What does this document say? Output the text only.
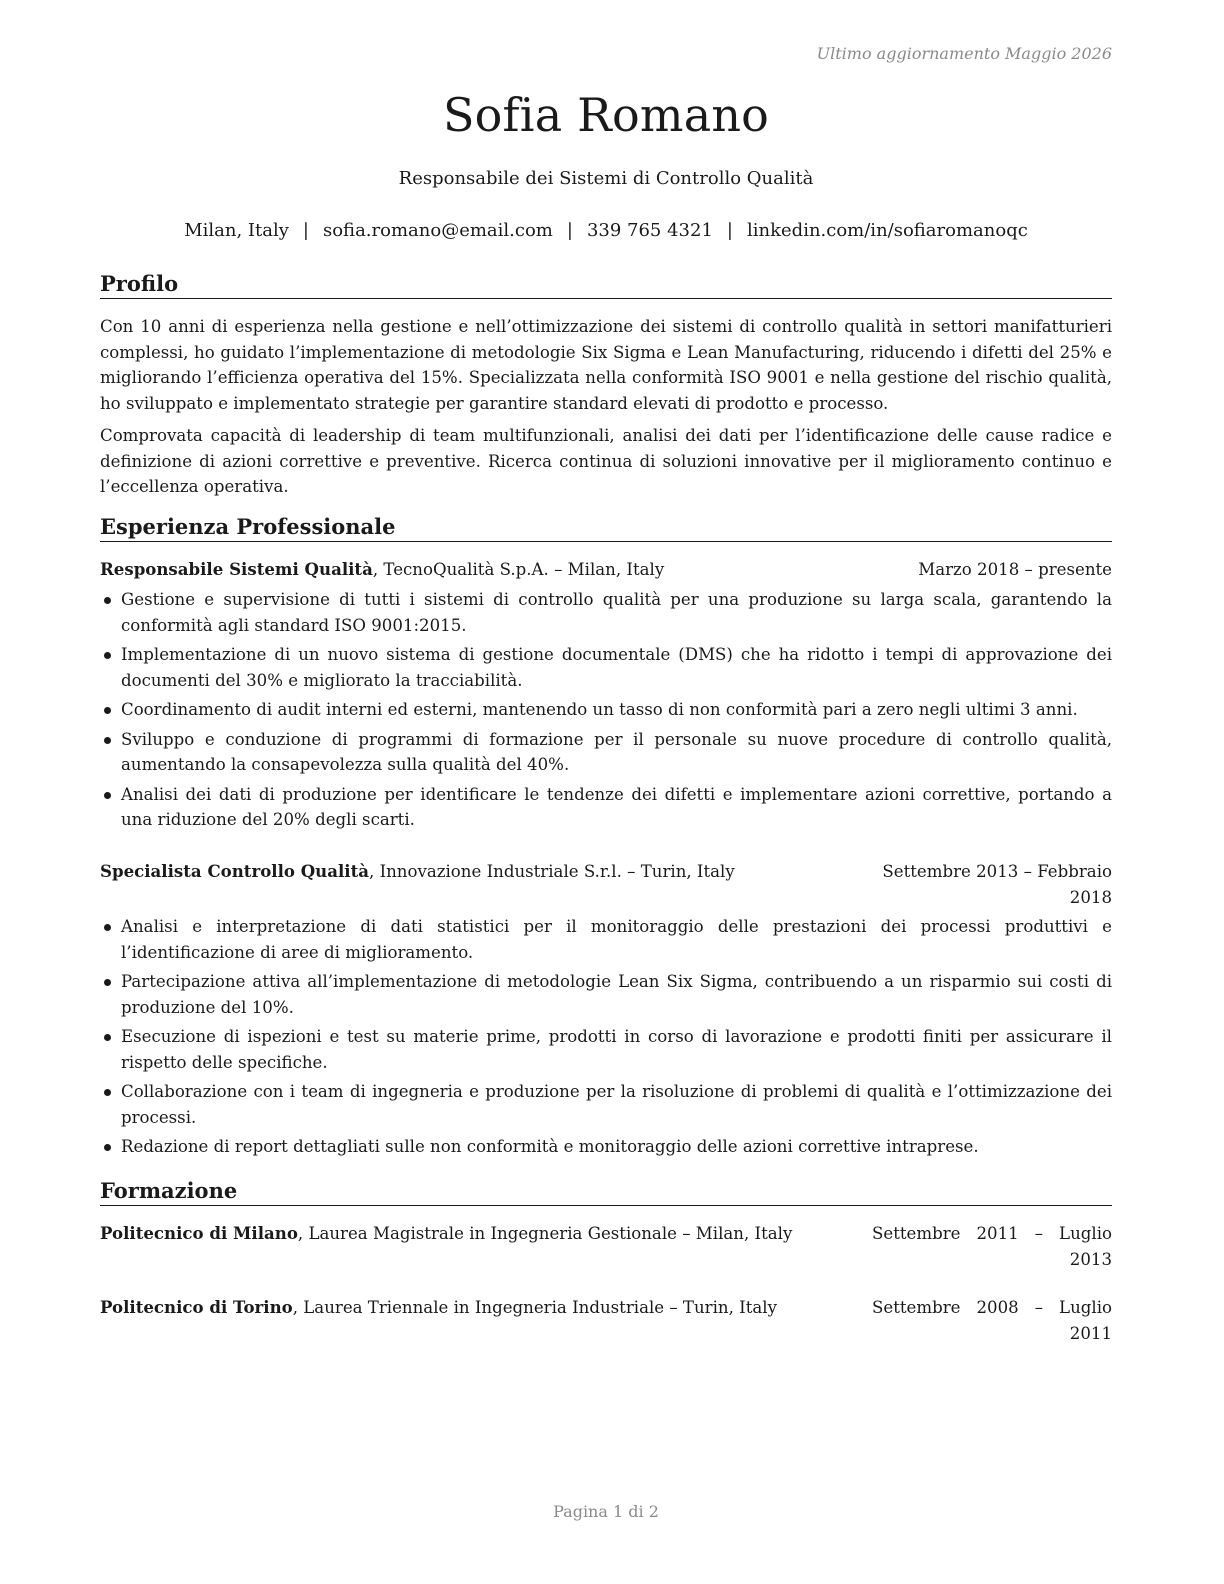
Ultimo aggiornamento Maggio 2026
Sofia Romano
Responsabile dei Sistemi di Controllo Qualità
Milan, Italy | sofia.romano@email.com | 339 765 4321 | linkedin.com/in/sofiaromanoqc
Profilo

Con 10 anni di esperienza nella gestione e nell’ottimizzazione dei sistemi di controllo qualità in settori manifatturieri complessi, ho guidato l’implementazione di metodologie Six Sigma e Lean Manufacturing, riducendo i difetti del 25% e migliorando l’efficienza operativa del 15%. Specializzata nella conformità ISO 9001 e nella gestione del rischio qualità, ho sviluppato e implementato strategie per garantire standard elevati di prodotto e processo.

Comprovata capacità di leadership di team multifunzionali, analisi dei dati per l’identificazione delle cause radice e definizione di azioni correttive e preventive. Ricerca continua di soluzioni innovative per il miglioramento continuo e l’eccellenza operativa.

Esperienza Professionale
Responsabile Sistemi Qualità, TecnoQualità S.p.A. – Milan, Italy	Marzo 2018 – presente
Gestione e supervisione di tutti i sistemi di controllo qualità per una produzione su larga scala, garantendo la conformità agli standard ISO 9001:2015.
Implementazione di un nuovo sistema di gestione documentale (DMS) che ha ridotto i tempi di approvazione dei documenti del 30% e migliorato la tracciabilità.
Coordinamento di audit interni ed esterni, mantenendo un tasso di non conformità pari a zero negli ultimi 3 anni.
Sviluppo e conduzione di programmi di formazione per il personale su nuove procedure di controllo qualità, aumentando la consapevolezza sulla qualità del 40%.
Analisi dei dati di produzione per identificare le tendenze dei difetti e implementare azioni correttive, portando a una riduzione del 20% degli scarti.
Specialista Controllo Qualità, Innovazione Industriale S.r.l. – Turin, Italy	Settembre 2013 – Febbraio 2018
Analisi e interpretazione di dati statistici per il monitoraggio delle prestazioni dei processi produttivi e l’identificazione di aree di miglioramento.
Partecipazione attiva all’implementazione di metodologie Lean Six Sigma, contribuendo a un risparmio sui costi di produzione del 10%.
Esecuzione di ispezioni e test su materie prime, prodotti in corso di lavorazione e prodotti finiti per assicurare il rispetto delle specifiche.
Collaborazione con i team di ingegneria e produzione per la risoluzione di problemi di qualità e l’ottimizzazione dei processi.
Redazione di report dettagliati sulle non conformità e monitoraggio delle azioni correttive intraprese.
Formazione
Politecnico di Milano, Laurea Magistrale in Ingegneria Gestionale – Milan, Italy	Settembre 2011 – Luglio 2013
Politecnico di Torino, Laurea Triennale in Ingegneria Industriale – Turin, Italy	Settembre 2008 – Luglio 2011
Pagina 1 di 2
